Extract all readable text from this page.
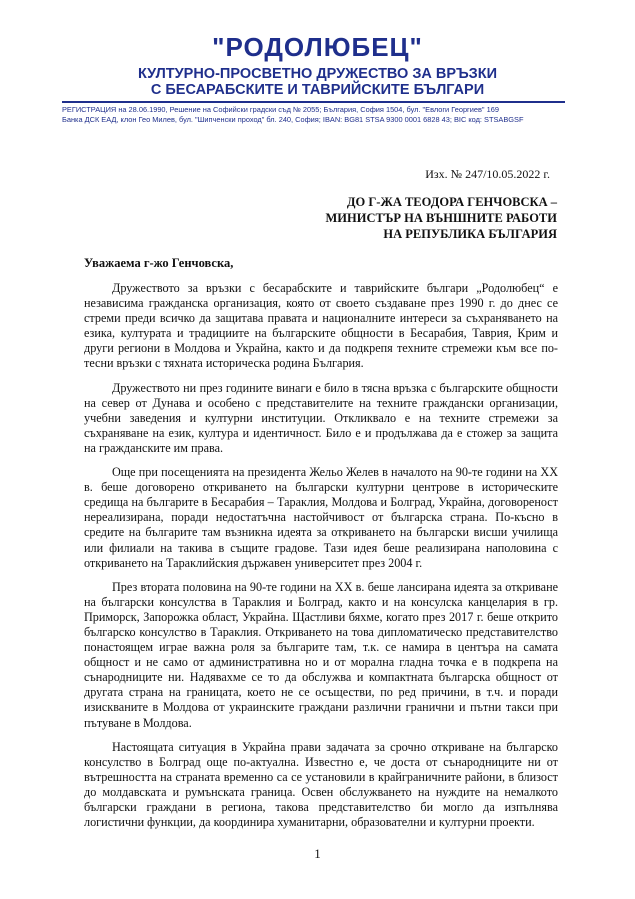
"РОДОЛЮБЕЦ"
КУЛТУРНО-ПРОСВЕТНО ДРУЖЕСТВО ЗА ВРЪЗКИ
С БЕСАРАБСКИТЕ И ТАВРИЙСКИТЕ БЪЛГАРИ
РЕГИСТРАЦИЯ на 28.06.1990, Решение на Софийски градски съд № 2055; България, София 1504, бул. "Евлоги Георгиев" 169
Банка ДСК ЕАД, клон Гео Милев, бул. "Шипченски проход" бл. 240, София; IBAN: BG81 STSA 9300 0001 6828 43; BIC код: STSABGSF
Изх. № 247/10.05.2022 г.
ДО Г-ЖА ТЕОДОРА ГЕНЧОВСКА –
МИНИСТЪР НА ВЪНШНИТЕ РАБОТИ
НА РЕПУБЛИКА БЪЛГАРИЯ
Уважаема г-жо Генчовска,

Дружеството за връзки с бесарабските и таврийските българи „Родолюбец“ е независима гражданска организация, която от своето създаване през 1990 г. до днес се стреми преди всичко да защитава правата и националните интереси за съхраняването на езика, културата и традициите на българските общности в Бесарабия, Таврия, Крим и други региони в Молдова и Украйна, както и да подкрепя техните стремежи към все по-тесни връзки с тяхната историческа родина България.

Дружеството ни през годините винаги е било в тясна връзка с българските общности на север от Дунава и особено с представителите на техните граждански организации, учебни заведения и културни институции. Откликвало е на техните стремежи за съхраняване на език, култура и идентичност. Било е и продължава да е стожер за защита на гражданските им права.

Още при посещенията на президента Жельо Желев в началото на 90-те години на ХХ в. беше договорено откриването на български културни центрове в историческите средища на българите в Бесарабия – Тараклия, Молдова и Болград, Украйна, договореност нереализирана, поради недостатъчна настойчивост от българска страна. По-късно в средите на българите там възникна идеята за откриването на български висши училища или филиали на такива в същите градове. Тази идея беше реализирана наполовина с откриването на Тараклийския държавен университет през 2004 г.

През втората половина на 90-те години на ХХ в. беше лансирана идеята за откриване на български консулства в Тараклия и Болград, както и на консулска канцелария в гр. Приморск, Запорожка област, Украйна. Щастливи бяхме, когато през 2017 г. беше открито българско консулство в Тараклия. Откриването на това дипломатическо представителство понастоящем играе важна роля за българите там, т.к. се намира в центъра на самата общност и не само от административна но и от морална гладна точка е в подкрепа на сънародниците ни. Надявахме се то да обслужва и компактната българска общност от другата страна на границата, което не се осъществи, по ред причини, в т.ч. и поради изискваните в Молдова от украинските граждани различни гранични и пътни такси при пътуване в Молдова.

Настоящата ситуация в Украйна прави задачата за срочно откриване на българско консулство в Болград още по-актуална. Известно е, че доста от сънародниците ни от вътрешността на страната временно са се установили в крайграничните райони, в близост до молдавската и румънската граница. Освен обслужването на нуждите на немалкото български граждани в региона, такова представителство би могло да изпълнява логистични функции, да координира хуманитарни, образователни и културни проекти.

1
